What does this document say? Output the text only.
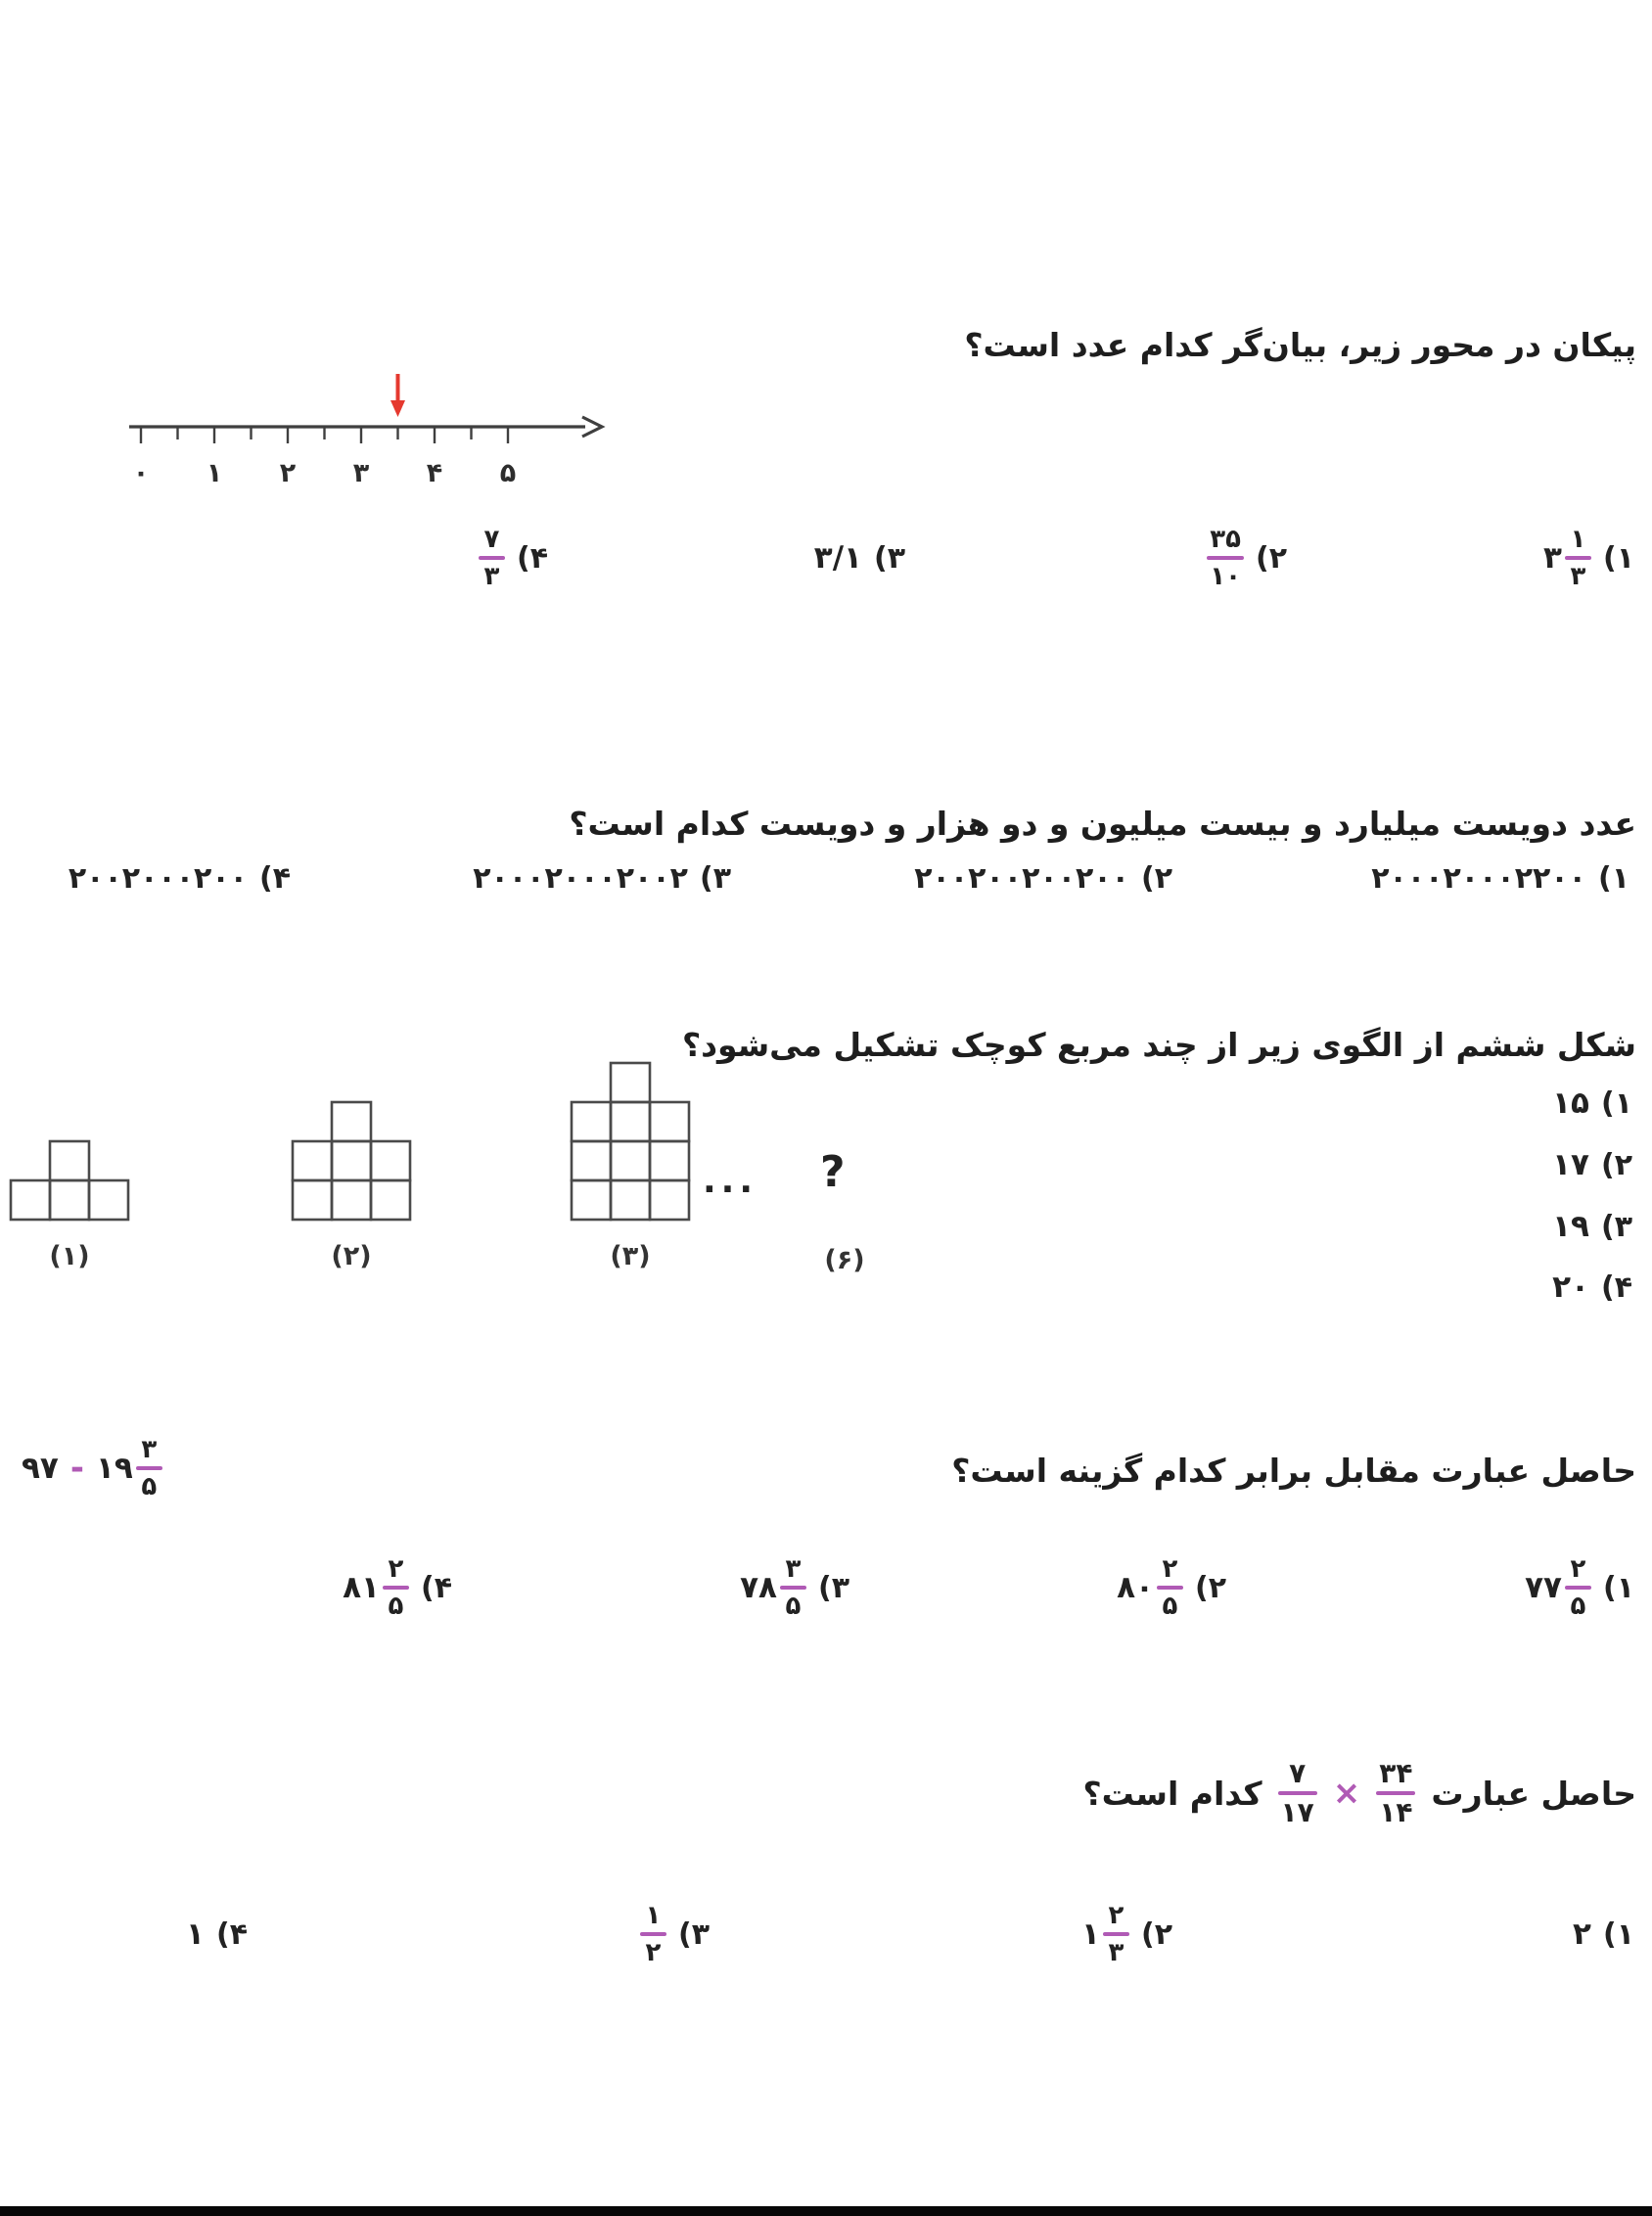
پیکان در محور زیر، بیان‌گر کدام عدد است؟
۰ ۱ ۲ ۳ ۴ ۵
۱)
۳ $\frac{۱}{۳}$
۲)
$\frac{۳۵}{۱۰}$
۳)
۳/۱
۴)
$\frac{۷}{۳}$
عدد دویست میلیارد و بیست میلیون و دو هزار و دویست کدام است؟
۱)
۲۰۰۰۲۰۰۰۲۲۰۰
۲)
۲۰۰۲۰۰۲۰۰۲۰۰
۳)
۲۰۰۰۲۰۰۰۲۰۰۲
۴)
۲۰۰۲۰۰۰۲۰۰
شکل ششم از الگوی زیر از چند مربع کوچک تشکیل می‌شود؟
۱)
۱۵
۲)
۱۷
۳)
۱۹
۴)
۲۰
(۱)	(۲)	(۳)
... ?
(۶)
حاصل عبارت مقابل برابر کدام گزینه است؟
۹۷ - ۱۹ $\frac{۳}{۵}$
۱)
۷۷ $\frac{۲}{۵}$
۲)
۸۰ $\frac{۲}{۵}$
۳)
۷۸ $\frac{۳}{۵}$
۴)
۸۱ $\frac{۲}{۵}$
حاصل عبارت
$\frac{۳۴}{۱۴}$
×
$\frac{۷}{۱۷}$
کدام است؟
۱)
۲
۲)
۱ $\frac{۲}{۳}$
۳)
$\frac{۱}{۲}$
۴)
۱
